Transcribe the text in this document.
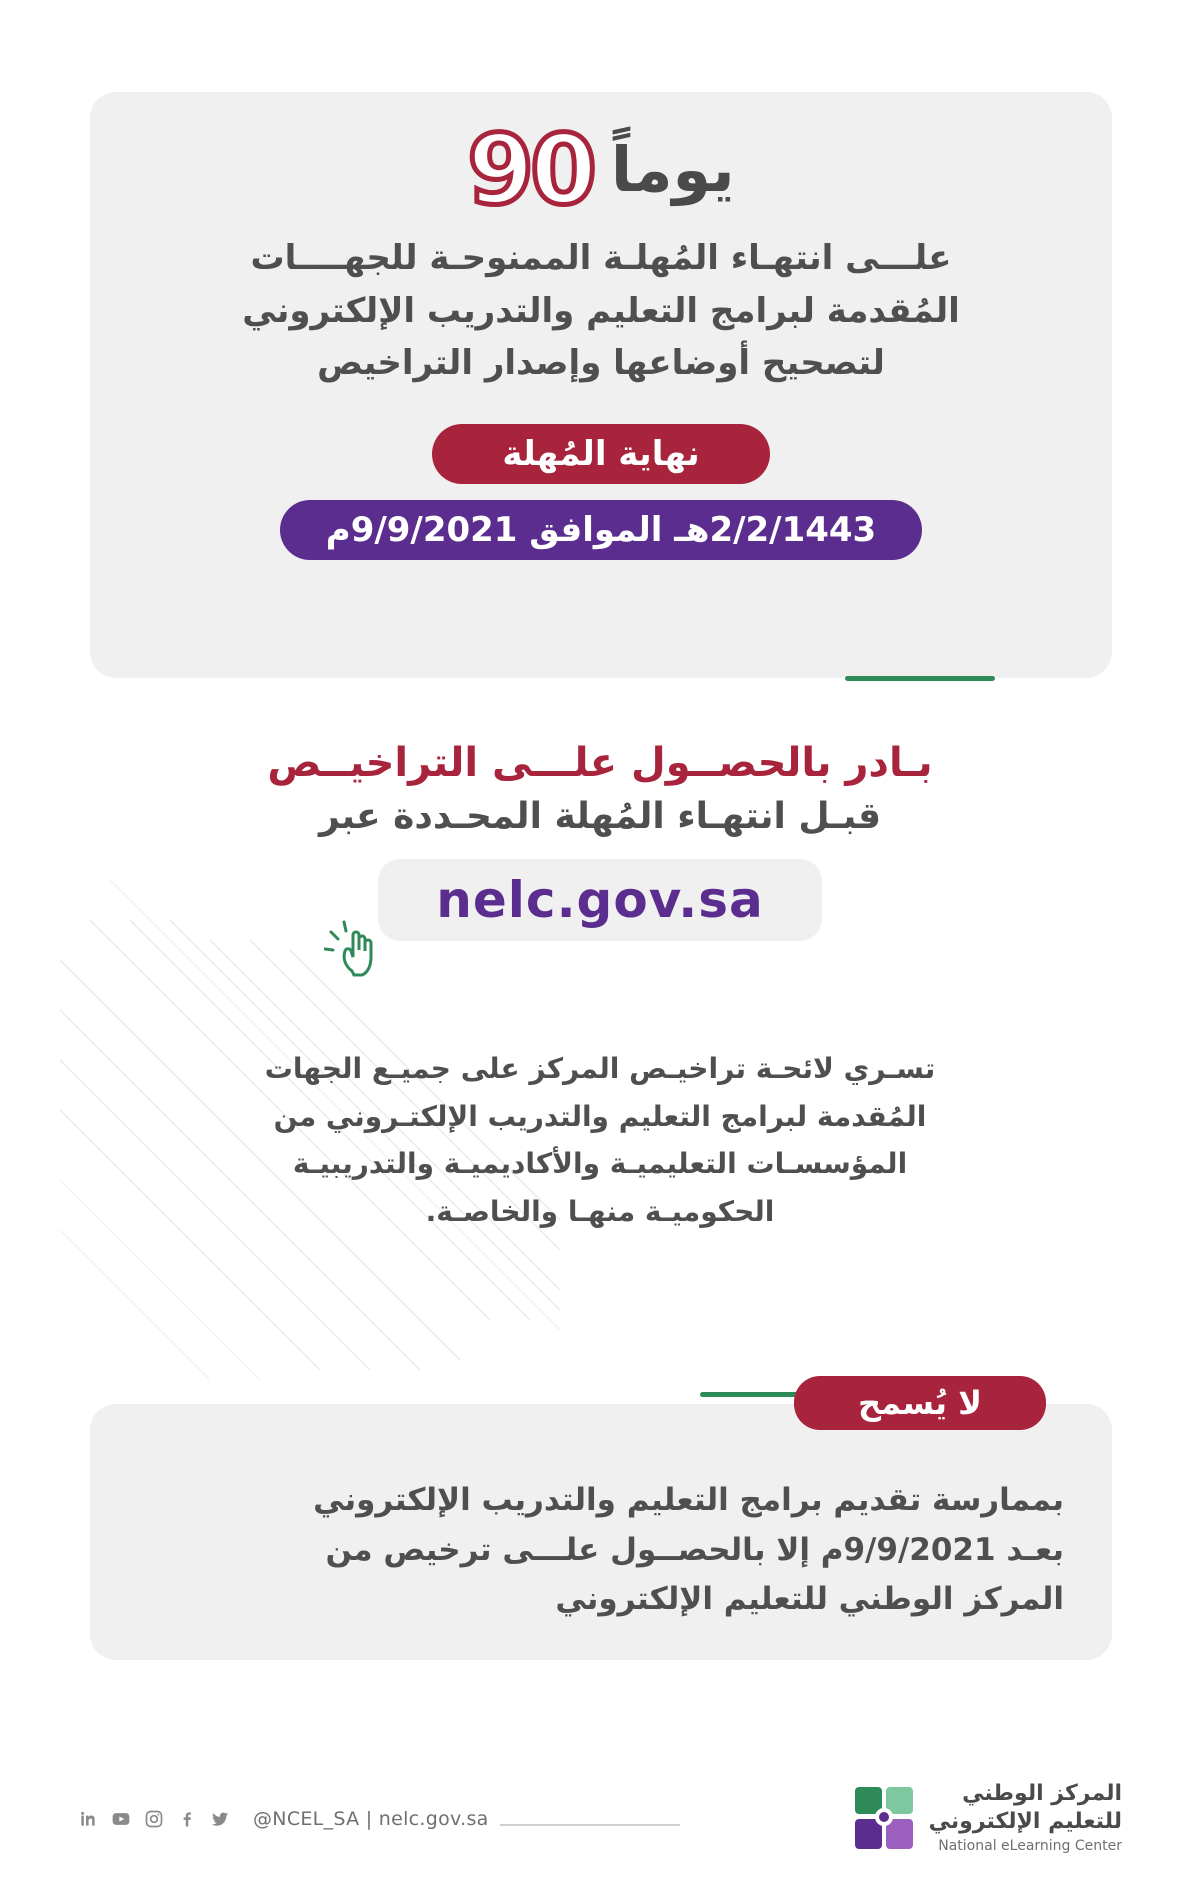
يوماً
90
علـــى انتهـاء المُهلـة الممنوحـة للجهــــات
المُقدمة لبرامج التعليم والتدريب الإلكتروني
لتصحيح أوضاعها وإصدار التراخيص
نهاية المُهلة
2/2/1443هـ الموافق 9/9/2021م
بـادر بالحصــول علـــى التراخيــص
قبـل انتهـاء المُهلة المحـددة عبر
nelc.gov.sa
تسـري لائحـة تراخيـص المركز على جميـع الجهات
المُقدمة لبرامج التعليم والتدريب الإلكتـروني من
المؤسسـات التعليميـة والأكاديميـة والتدريبيـة
الحكوميـة منهـا والخاصـة.
لا يُسمح
بممارسة تقديم برامج التعليم والتدريب الإلكتروني
بعـد 9/9/2021م إلا بالحصــول علـــى ترخيص من
المركز الوطني للتعليم الإلكتروني
@NCEL_SA | nelc.gov.sa
المركز الوطني
للتعليم الإلكتروني
National eLearning Center
